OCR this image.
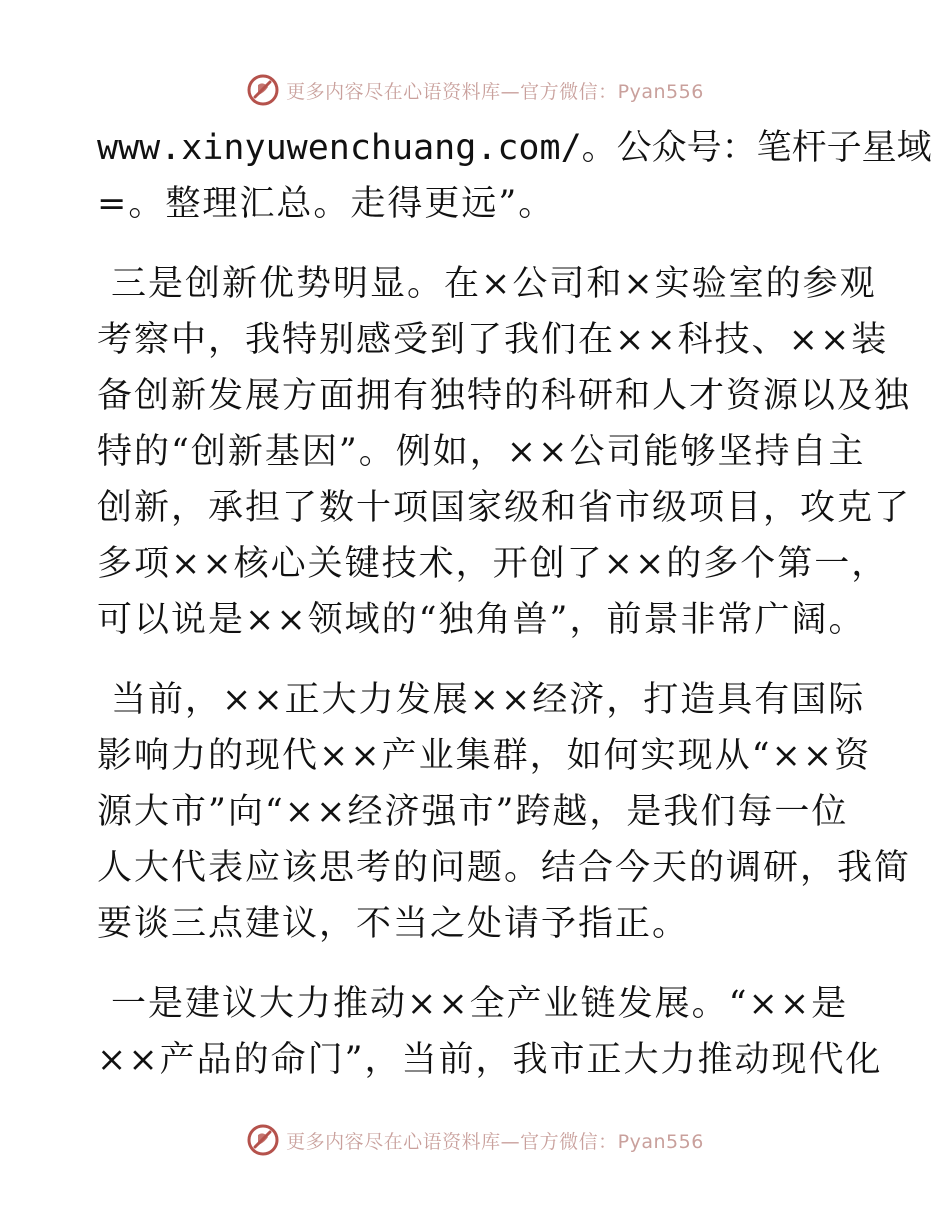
更多内容尽在心语资料库—官方微信：Pyan556
www.xinyuwenchuang.com/。公众号：笔杆子星域
=。整理汇总。走得更远”。
三是创新优势明显。在×公司和×实验室的参观
考察中，我特别感受到了我们在××科技、××装
备创新发展方面拥有独特的科研和人才资源以及独
特的“创新基因”。例如，××公司能够坚持自主
创新，承担了数十项国家级和省市级项目，攻克了
多项××核心关键技术，开创了××的多个第一，
可以说是××领域的“独角兽”，前景非常广阔。
当前，××正大力发展××经济，打造具有国际
影响力的现代××产业集群，如何实现从“××资
源大市”向“××经济强市”跨越，是我们每一位
人大代表应该思考的问题。结合今天的调研，我简
要谈三点建议，不当之处请予指正。
一是建议大力推动××全产业链发展。“××是
××产品的命门”，当前，我市正大力推动现代化
更多内容尽在心语资料库—官方微信：Pyan556
